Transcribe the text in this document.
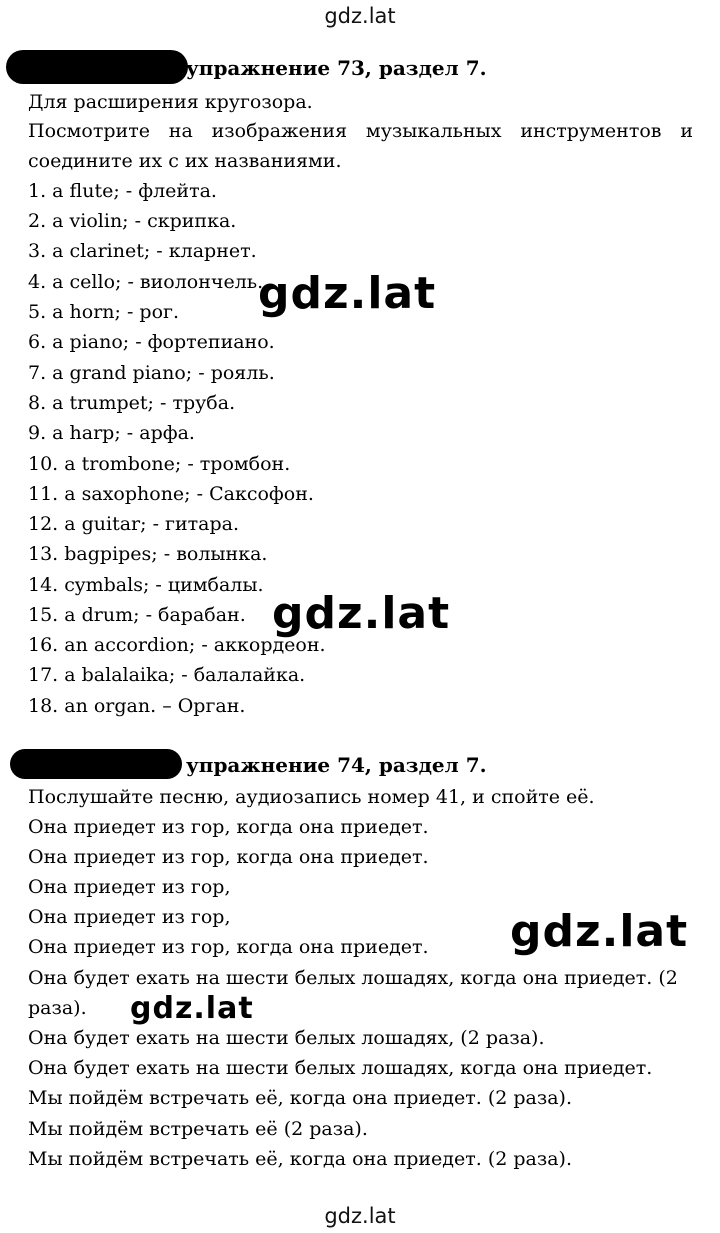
gdz.lat
упражнение 73, раздел 7.
Для расширения кругозора.
Посмотрите на изображения музыкальных инструментов и
соедините их с их названиями.
1. a flute; - флейта.
2. a violin; - скрипка.
3. a clarinet; - кларнет.
4. a cello; - виолончель.
5. a horn; - рог.
6. a piano; - фортепиано.
7. a grand piano; - рояль.
8. a trumpet; - труба.
9. a harp; - арфа.
10. a trombone; - тромбон.
11. a saxophone; - Саксофон.
12. a guitar; - гитара.
13. bagpipes; - волынка.
14. cymbals; - цимбалы.
15. a drum; - барабан.
16. an accordion; - аккордеон.
17. a balalaika; - балалайка.
18. an organ. – Орган.
упражнение 74, раздел 7.
Послушайте песню, аудиозапись номер 41, и спойте её.
Она приедет из гор, когда она приедет.
Она приедет из гор, когда она приедет.
Она приедет из гор,
Она приедет из гор,
Она приедет из гор, когда она приедет.
Она будет ехать на шести белых лошадях, когда она приедет. (2
раза).
Она будет ехать на шести белых лошадях, (2 раза).
Она будет ехать на шести белых лошадях, когда она приедет.
Мы пойдём встречать её, когда она приедет. (2 раза).
Мы пойдём встречать её (2 раза).
Мы пойдём встречать её, когда она приедет. (2 раза).
gdz.lat
gdz.lat
gdz.lat
gdz.lat
gdz.lat
